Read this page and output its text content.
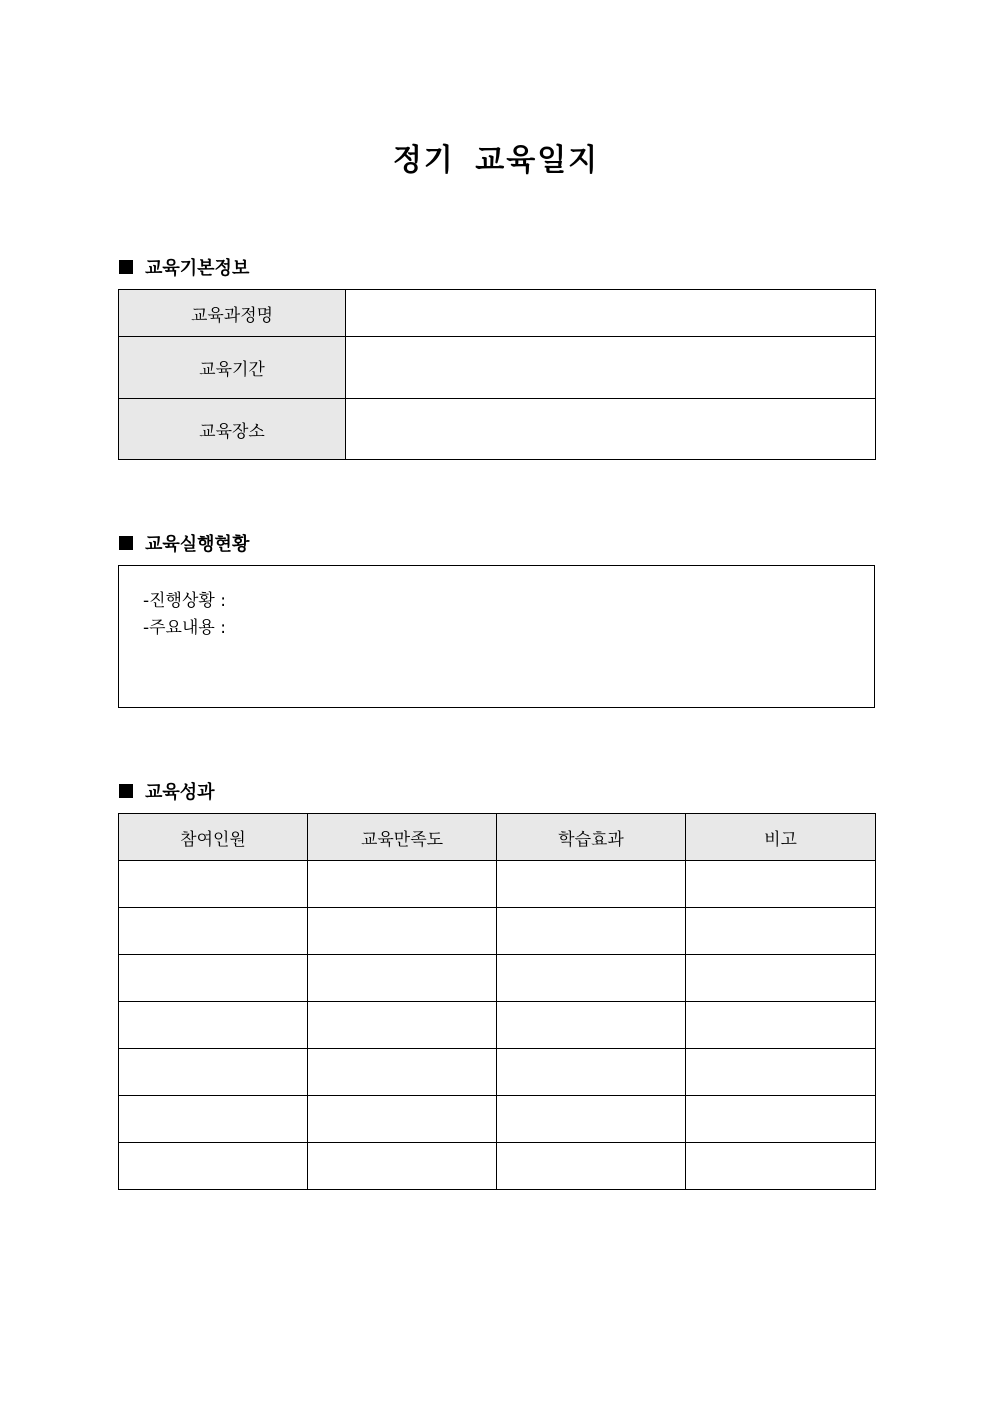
정기 교육일지
교육기본정보
교육과정명	
교육기간	
교육장소	
교육실행현황
-진행상황 :
-주요내용 :
교육성과
참여인원	교육만족도	학습효과	비고
